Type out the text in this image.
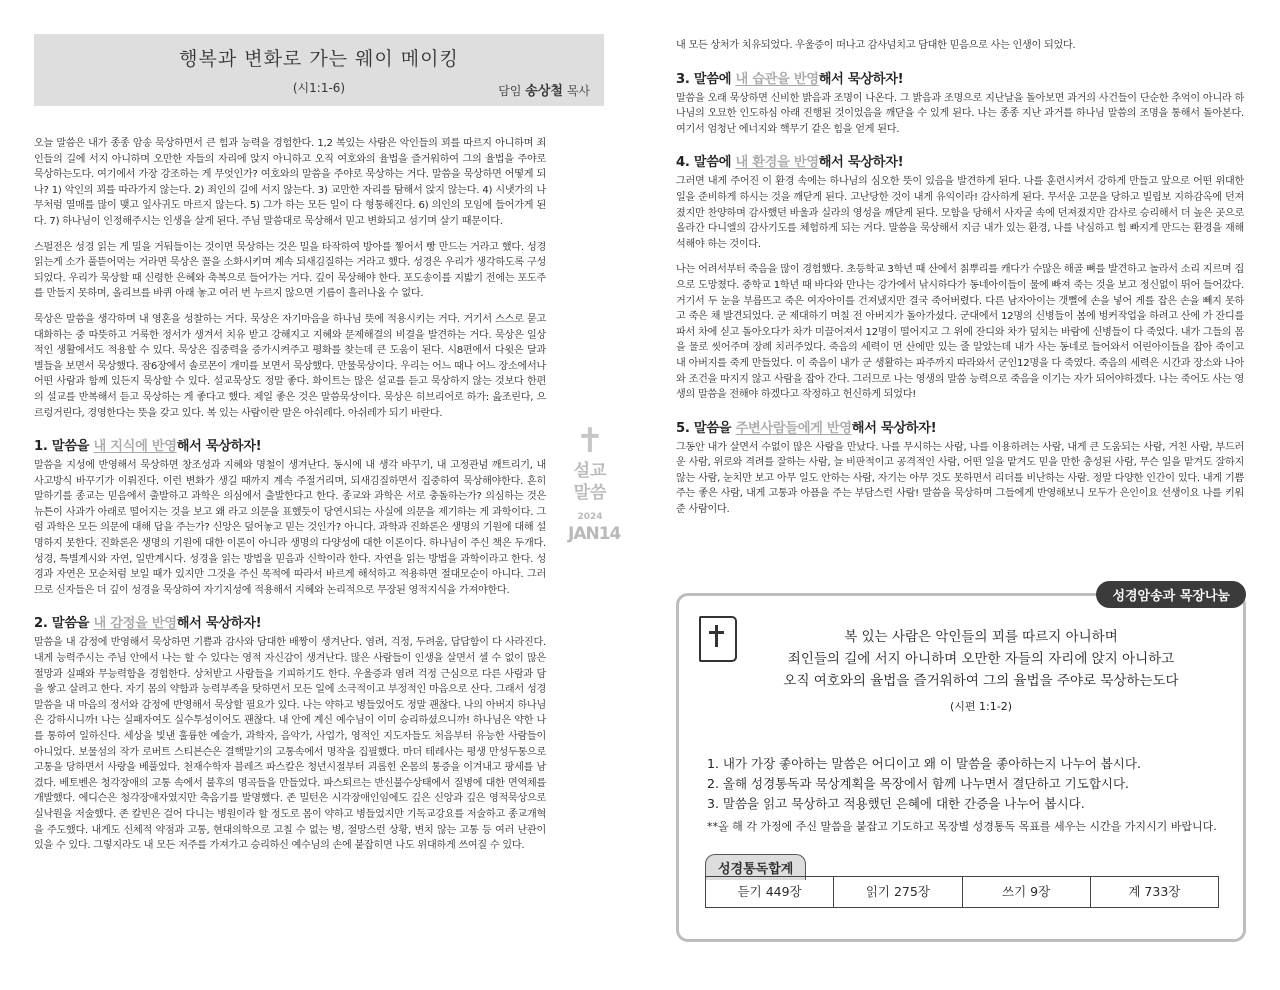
행복과 변화로 가는 웨이 메이킹
(시1:1-6)	담임 송상철 목사

오늘 말씀은 내가 종종 암송 묵상하면서 큰 힘과 능력을 경험한다. 1,2 복있는 사람은 악인들의 꾀를 따르지 아니하며 죄인들의 길에 서지 아니하며 오만한 자들의 자리에 앉지 아니하고 오직 여호와의 율법을 즐거워하여 그의 율법을 주야로 묵상하는도다. 여기에서 가장 강조하는 게 무엇인가? 여호와의 말씀을 주야로 묵상하는 거다. 말씀을 묵상하면 어떻게 되나? 1) 악인의 꾀를 따라가지 않는다. 2) 죄인의 길에 서지 않는다. 3) 교만한 자리를 탐해서 앉지 않는다. 4) 시냇가의 나무처럼 열매를 많이 맺고 잎사귀도 마르지 않는다. 5) 그가 하는 모든 일이 다 형통해진다. 6) 의인의 모임에 들어가게 된다. 7) 하나님이 인정해주시는 인생을 살게 된다. 주님 말씀대로 묵상해서 믿고 변화되고 섬기며 살기 때문이다.

스펄전은 성경 읽는 게 밀을 거둬들이는 것이면 묵상하는 것은 밀을 타작하여 방아를 찧어서 빵 만드는 거라고 했다. 성경읽는게 소가 풀뜯어먹는 거라면 묵상은 꼴을 소화시키며 계속 되새김질하는 거라고 했다. 성경은 우리가 생각하도록 구성되었다. 우리가 묵상할 때 신령한 은혜와 축복으로 들어가는 거다. 깊이 묵상해야 한다. 포도송이를 지밟기 전에는 포도주를 만들지 못하며, 올리브를 바퀴 아래 놓고 여러 번 누르지 않으면 기름이 흘러나올 수 없다.

묵상은 말씀을 생각하며 내 영혼을 성찰하는 거다. 묵상은 자기마음을 하나님 뜻에 적용시키는 거다. 거기서 스스로 묻고 대화하는 중 따뜻하고 거룩한 정서가 생겨서 치유 받고 강해지고 지혜와 문제해결의 비결을 발견하는 거다. 묵상은 일상적인 생활에서도 적용할 수 있다. 묵상은 집중력을 증가시켜주고 평화를 찾는데 큰 도움이 된다. 시8편에서 다윗은 달과 별들을 보면서 묵상했다. 잠6장에서 솔로몬이 개미를 보면서 묵상했다. 만물묵상이다. 우리는 어느 때나 어느 장소에서나 어떤 사람과 함께 있든지 묵상할 수 있다. 설교묵상도 정말 좋다. 화이트는 많은 설교를 듣고 묵상하지 않는 것보다 한편의 설교를 반복해서 듣고 묵상하는 게 좋다고 했다. 제일 좋은 것은 말씀묵상이다. 묵상은 히브리어로 하가: 읊조린다, 으르렁거린다, 경영한다는 뜻을 갖고 있다. 복 있는 사람이란 말은 아쉬레다. 아쉬레가 되기 바란다.

1. 말씀을 내 지식에 반영해서 묵상하자!

말씀을 지성에 반영해서 묵상하면 창조성과 지혜와 명철이 생겨난다. 동시에 내 생각 바꾸기, 내 고정관념 깨트리기, 내 사고방식 바꾸기가 이뤄진다. 이런 변화가 생길 때까지 계속 주절거리며, 되새김질하면서 집중하여 묵상해야한다. 흔히 말하기를 종교는 믿음에서 출발하고 과학은 의심에서 출발한다고 한다. 종교와 과학은 서로 충돌하는가? 의심하는 것은 뉴튼이 사과가 아래로 떨어지는 것을 보고 왜 라고 의문을 표했듯이 당연시되는 사실에 의문을 제기하는 게 과학이다. 그럼 과학은 모든 의문에 대해 답을 주는가? 신앙은 덮어놓고 믿는 것인가? 아니다. 과학과 진화론은 생명의 기원에 대해 설명하지 못한다. 진화론은 생명의 기원에 대한 이론이 아니라 생명의 다양성에 대한 이론이다. 하나님이 주신 책은 두개다. 성경, 특별계시와 자연, 일반계시다. 성경을 읽는 방법을 믿음과 신학이라 한다. 자연을 읽는 방법을 과학이라고 한다. 성경과 자연은 모순처럼 보일 때가 있지만 그것을 주신 목적에 따라서 바르게 해석하고 적용하면 절대모순이 아니다. 그러므로 신자들은 더 깊이 성경을 묵상하여 자기지성에 적용해서 지혜와 논리적으로 무장된 영적지식을 가져야한다.

2. 말씀을 내 감정을 반영해서 묵상하자!

말씀을 내 감정에 반영해서 묵상하면 기쁨과 감사와 담대한 배짱이 생겨난다. 염려, 걱정, 두려움, 답답함이 다 사라진다. 내게 능력주시는 주님 안에서 나는 할 수 있다는 영적 자신감이 생겨난다. 많은 사람들이 인생을 살면서 셀 수 없이 많은 절망과 실패와 무능력함을 경험한다. 상처받고 사람들을 기피하기도 한다. 우울증과 염려 걱정 근심으로 다른 사람과 담을 쌓고 살려고 한다. 자기 몸의 약함과 능력부족을 탓하면서 모든 일에 소극적이고 부정적인 마음으로 산다. 그래서 성경말씀을 내 마음의 정서와 감정에 반영해서 묵상할 필요가 있다. 나는 약하고 병들었어도 정말 괜찮다. 나의 아버지 하나님은 강하시니까! 나는 실패자여도 실수투성이어도 괜찮다. 내 안에 계신 예수님이 이미 승리하셨으니까! 하나님은 약한 나를 통하여 일하신다. 세상을 빛낸 훌륭한 예술가, 과학자, 음악가, 사업가, 영적인 지도자들도 처음부터 유능한 사람들이 아니었다. 보물섬의 작가 로버트 스티븐슨은 결핵말기의 고통속에서 명작을 집필했다. 마더 테레사는 평생 만성두통으로 고통을 당하면서 사랑을 베풀었다. 천재수학자 블레즈 파스칼은 청년시절부터 괴롭힌 온몸의 통증을 이겨내고 팡세를 남겼다. 베토벤은 청각장애의 고통 속에서 불후의 명곡들을 만들었다. 파스퇴르는 반신불수상태에서 질병에 대한 면역체를 개발했다. 에디슨은 청각장애자였지만 축음기를 발명했다. 존 밀턴은 시각장애인임에도 깊은 신앙과 깊은 영적묵상으로 실낙원을 저술했다. 존 칼빈은 걸어 다니는 병원이라 할 정도로 몸이 약하고 병들었지만 기독교강요를 저술하고 종교개혁을 주도했다. 내게도 신체적 약점과 고통, 현대의학으로 고칠 수 없는 병, 절망스런 상황, 변치 않는 고통 등 여러 난관이 있을 수 있다. 그렇지라도 내 모든 저주를 가져가고 승리하신 예수님의 손에 붙잡히면 나도 위대하게 쓰여질 수 있다.

✝
설교
말씀
2024
JAN14

내 모든 상처가 치유되었다. 우울증이 떠나고 감사넘치고 담대한 믿음으로 사는 인생이 되었다.

3. 말씀에 내 습관을 반영해서 묵상하자!

말씀을 오래 묵상하면 신비한 밝음과 조명이 나온다. 그 밝음과 조명으로 지난날을 돌아보면 과거의 사건들이 단순한 추억이 아니라 하나님의 오묘한 인도하심 아래 진행된 것이었음을 깨닫을 수 있게 된다. 나는 종종 지난 과거를 하나님 말씀의 조명을 통해서 돌아본다. 여기서 엄청난 에너지와 핵무기 같은 힘을 얻게 된다.

4. 말씀에 내 환경을 반영해서 묵상하자!

그러면 내게 주어진 이 환경 속에는 하나님의 심오한 뜻이 있음을 발견하게 된다. 나를 훈련시켜서 강하게 만들고 앞으로 어떤 위대한 일을 준비하게 하시는 것을 깨닫게 된다. 고난당한 것이 내게 유익이라! 감사하게 된다. 무서운 고문을 당하고 빌립보 지하감옥에 던져졌지만 찬양하며 감사했던 바울과 실라의 영성을 깨닫게 된다. 모함을 당해서 사자굴 속에 던져졌지만 감사로 승리해서 더 높은 곳으로 올라간 다니엘의 감사기도를 체험하게 되는 거다. 말씀을 묵상해서 지금 내가 있는 환경, 나를 낙심하고 힘 빠지게 만드는 환경을 재해석해야 하는 것이다.

나는 어려서부터 죽음을 많이 경험했다. 초등학교 3학년 때 산에서 칡뿌리를 캐다가 수많은 해골 뼈를 발견하고 놀라서 소리 지르며 집으로 도망쳤다. 중학교 1학년 때 바다와 만나는 강가에서 낚시하다가 동네아이들이 물에 빠져 죽는 것을 보고 정신없이 뛰어 들어갔다. 거기서 두 눈을 부릅뜨고 죽은 여자아이를 건져냈지만 결국 죽어버렸다. 다른 남자아이는 갯뻘에 손을 넣어 게를 잡은 손을 빼지 못하고 죽은 채 발견되었다. 군 제대하기 며칠 전 아버지가 돌아가셨다. 군대에서 12명의 신병들이 봄에 벙커작업을 하려고 산에 가 잔디를 파서 차에 싣고 돌아오다가 차가 미끌어져서 12명이 떨어지고 그 위에 잔디와 차가 덮치는 바람에 신병들이 다 죽었다. 내가 그들의 몸을 물로 씻어주며 장례 치러주었다. 죽음의 세력이 먼 산에만 있는 줄 알았는데 내가 사는 동네로 들어와서 어린아이들을 잡아 죽이고 내 아버지를 죽게 만들었다. 이 죽음이 내가 군 생활하는 파주까지 따라와서 군인12명을 다 죽였다. 죽음의 세력은 시간과 장소와 나아와 조건을 따지지 않고 사람을 잡아 간다. 그러므로 나는 영생의 말씀 능력으로 죽음을 이기는 자가 되어야하겠다. 나는 죽어도 사는 영생의 말씀을 전해야 하겠다고 작정하고 헌신하게 되었다!

5. 말씀을 주변사람들에게 반영해서 묵상하자!

그동안 내가 살면서 수없이 많은 사람을 만났다. 나를 무시하는 사람, 나를 이용하려는 사람, 내게 큰 도움되는 사람, 거친 사람, 부드러운 사람, 위로와 격려를 잘하는 사람, 늘 비판적이고 공격적인 사람, 어떤 일을 맡겨도 믿을 만한 충성된 사람, 무슨 일을 맡겨도 잘하지 않는 사람, 눈치만 보고 아무 일도 안하는 사람, 자기는 아무 것도 못하면서 리더를 비난하는 사람. 정말 다양한 인간이 있다. 내게 기쁨 주는 좋은 사람, 내게 고통과 아픔을 주는 부담스런 사람! 말씀을 묵상하며 그들에게 반영해보니 모두가 은인이요 선생이요 나를 키워준 사람이다.

성경암송과 목장나눔
복 있는 사람은 악인들의 꾀를 따르지 아니하며
죄인들의 길에 서지 아니하며 오만한 자들의 자리에 앉지 아니하고
오직 여호와의 율법을 즐거워하여 그의 율법을 주야로 묵상하는도다
(시편 1:1-2)
1. 내가 가장 좋아하는 말씀은 어디이고 왜 이 말씀을 좋아하는지 나누어 봅시다.
2. 올해 성경통독과 묵상계획을 목장에서 함께 나누면서 결단하고 기도합시다.
3. 말씀을 읽고 묵상하고 적용했던 은혜에 대한 간증을 나누어 봅시다.
**올 해 각 가정에 주신 말씀을 붙잡고 기도하고 목장별 성경통독 목표를 세우는 시간을 가지시기 바랍니다.
성경통독합계
듣기 449장	읽기 275장	쓰기 9장	계 733장
